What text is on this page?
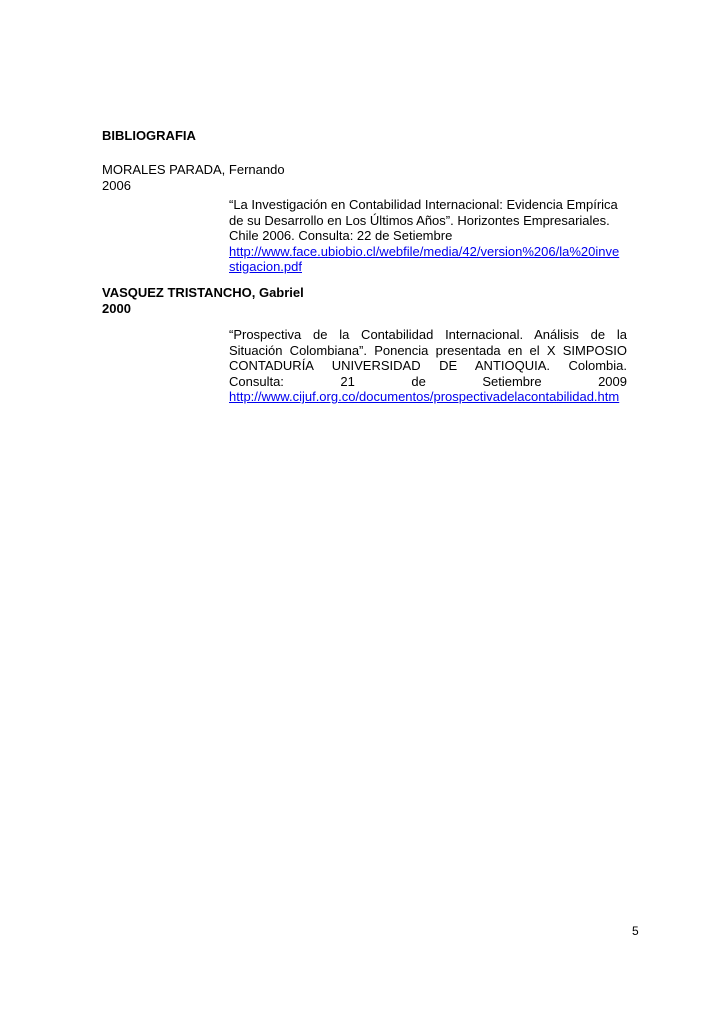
BIBLIOGRAFIA
MORALES PARADA, Fernando
2006
“La Investigación en Contabilidad Internacional: Evidencia Empírica
de su Desarrollo en Los Últimos Años”. Horizontes Empresariales.
Chile 2006. Consulta: 22 de Setiembre
http://www.face.ubiobio.cl/webfile/media/42/version%206/la%20inve
stigacion.pdf
VASQUEZ TRISTANCHO, Gabriel
2000
“Prospectiva de la Contabilidad Internacional. Análisis de la
Situación Colombiana”. Ponencia presentada en el X SIMPOSIO
CONTADURÍA UNIVERSIDAD DE ANTIOQUIA. Colombia.
Consulta: 21 de Setiembre 2009
http://www.cijuf.org.co/documentos/prospectivadelacontabilidad.htm
5
